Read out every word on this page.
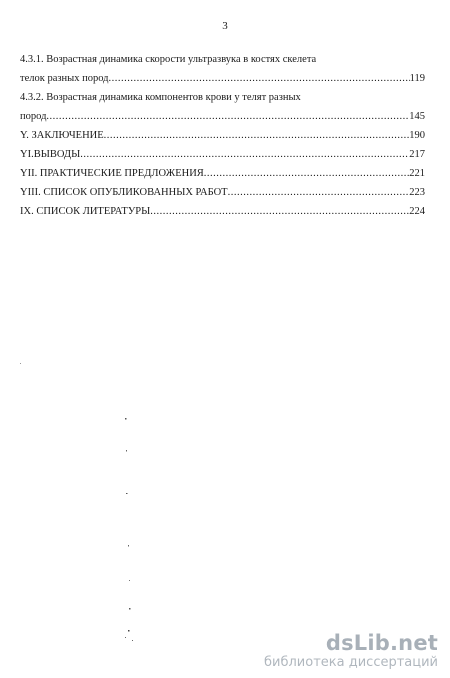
3
4.3.1. Возрастная динамика скорости ультразвука в костях скелета
телок разных пород .....	119
4.3.2. Возрастная динамика компонентов крови у телят разных
пород .....	145
Y. ЗАКЛЮЧЕНИЕ .....	190
YI.ВЫВОДЫ .....	217
YII. ПРАКТИЧЕСКИЕ ПРЕДЛОЖЕНИЯ .....	221
YIII. СПИСОК ОПУБЛИКОВАННЫХ РАБОТ .....	223
IX. СПИСОК ЛИТЕРАТУРЫ .....	224
dsLib.net
библиотека диссертаций
